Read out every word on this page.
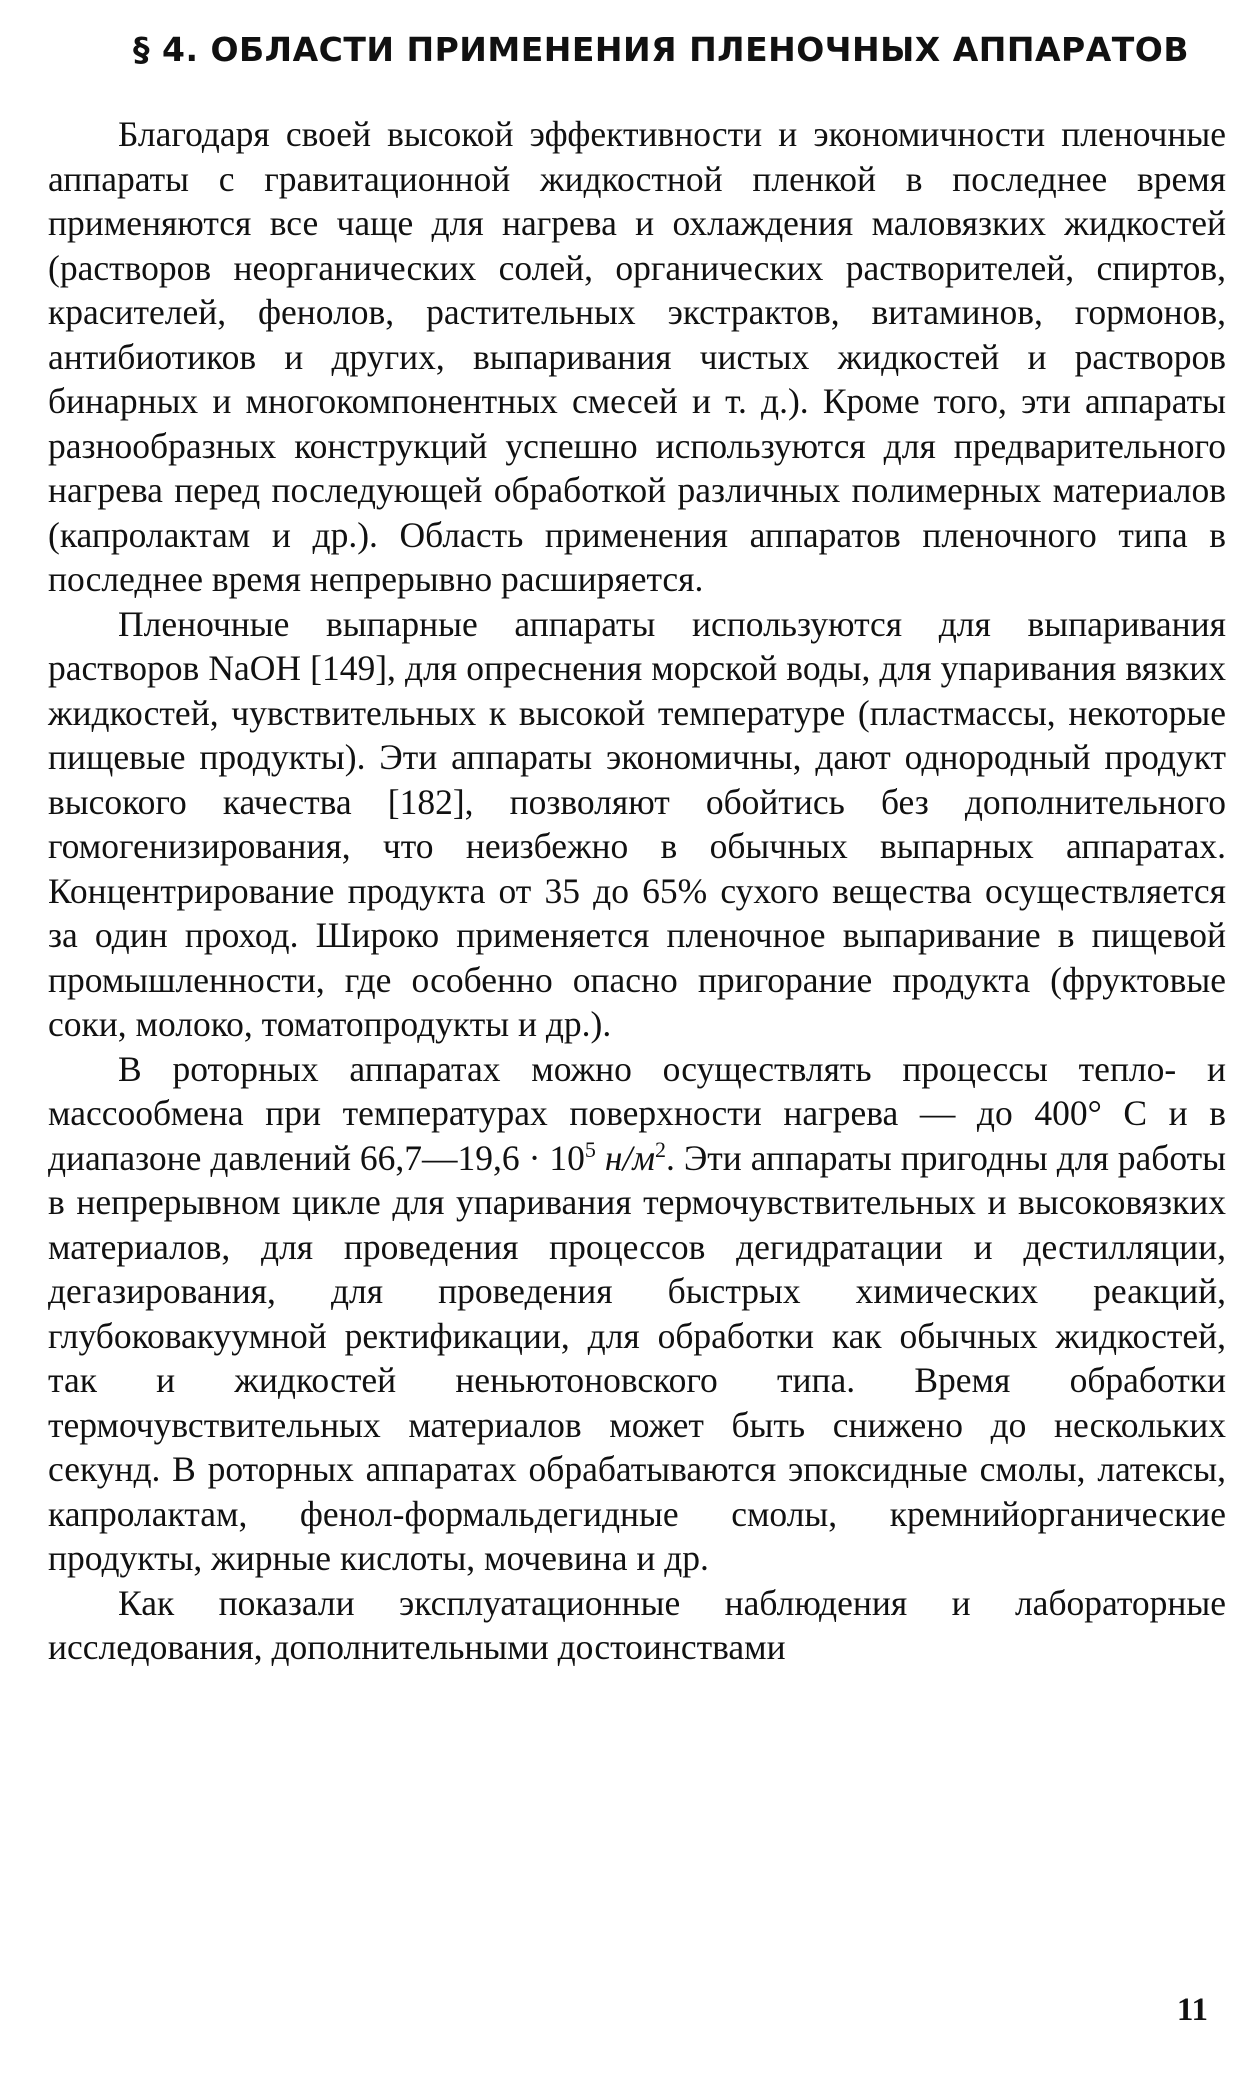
§ 4. ОБЛАСТИ ПРИМЕНЕНИЯ ПЛЕНОЧНЫХ АППАРАТОВ

Благодаря своей высокой эффективности и экономичности пленочные аппараты с гравитационной жидкостной пленкой в последнее время применяются все чаще для нагрева и охлаждения маловязких жидкостей (растворов неорганических солей, органических растворителей, спиртов, красителей, фенолов, растительных экстрактов, витаминов, гормонов, антибиотиков и других, выпаривания чистых жидкостей и растворов бинарных и многокомпонентных смесей и т. д.). Кроме того, эти аппараты разнообразных конструкций успешно используются для предварительного нагрева перед последующей обработкой различных полимерных материалов (капролактам и др.). Область применения аппаратов пленочного типа в последнее время непрерывно расширяется.

Пленочные выпарные аппараты используются для выпаривания растворов NaOH [149], для опреснения морской воды, для упаривания вязких жидкостей, чувствительных к высокой температуре (пластмассы, некоторые пищевые продукты). Эти аппараты экономичны, дают однородный продукт высокого качества [182], позволяют обойтись без дополнительного гомогенизирования, что неизбежно в обычных выпарных аппаратах. Концентрирование продукта от 35 до 65% сухого вещества осуществляется за один проход. Широко применяется пленочное выпаривание в пищевой промышленности, где особенно опасно пригорание продукта (фруктовые соки, молоко, томатопродукты и др.).

В роторных аппаратах можно осуществлять процессы тепло- и массообмена при температурах поверхности нагрева — до 400° С и в диапазоне давлений 66,7—19,6 · $10^5$ $н/м^2$. Эти аппараты пригодны для работы в непрерывном цикле для упаривания термочувствительных и высоковязких материалов, для проведения процессов дегидратации и дестилляции, дегазирования, для проведения быстрых химических реакций, глубоковакуумной ректификации, для обработки как обычных жидкостей, так и жидкостей неньютоновского типа. Время обработки термочувствительных материалов может быть снижено до нескольких секунд. В роторных аппаратах обрабатываются эпоксидные смолы, латексы, капролактам, фенол-формальдегидные смолы, кремнийорганические продукты, жирные кислоты, мочевина и др.

Как показали эксплуатационные наблюдения и лабораторные исследования, дополнительными достоинствами

11
